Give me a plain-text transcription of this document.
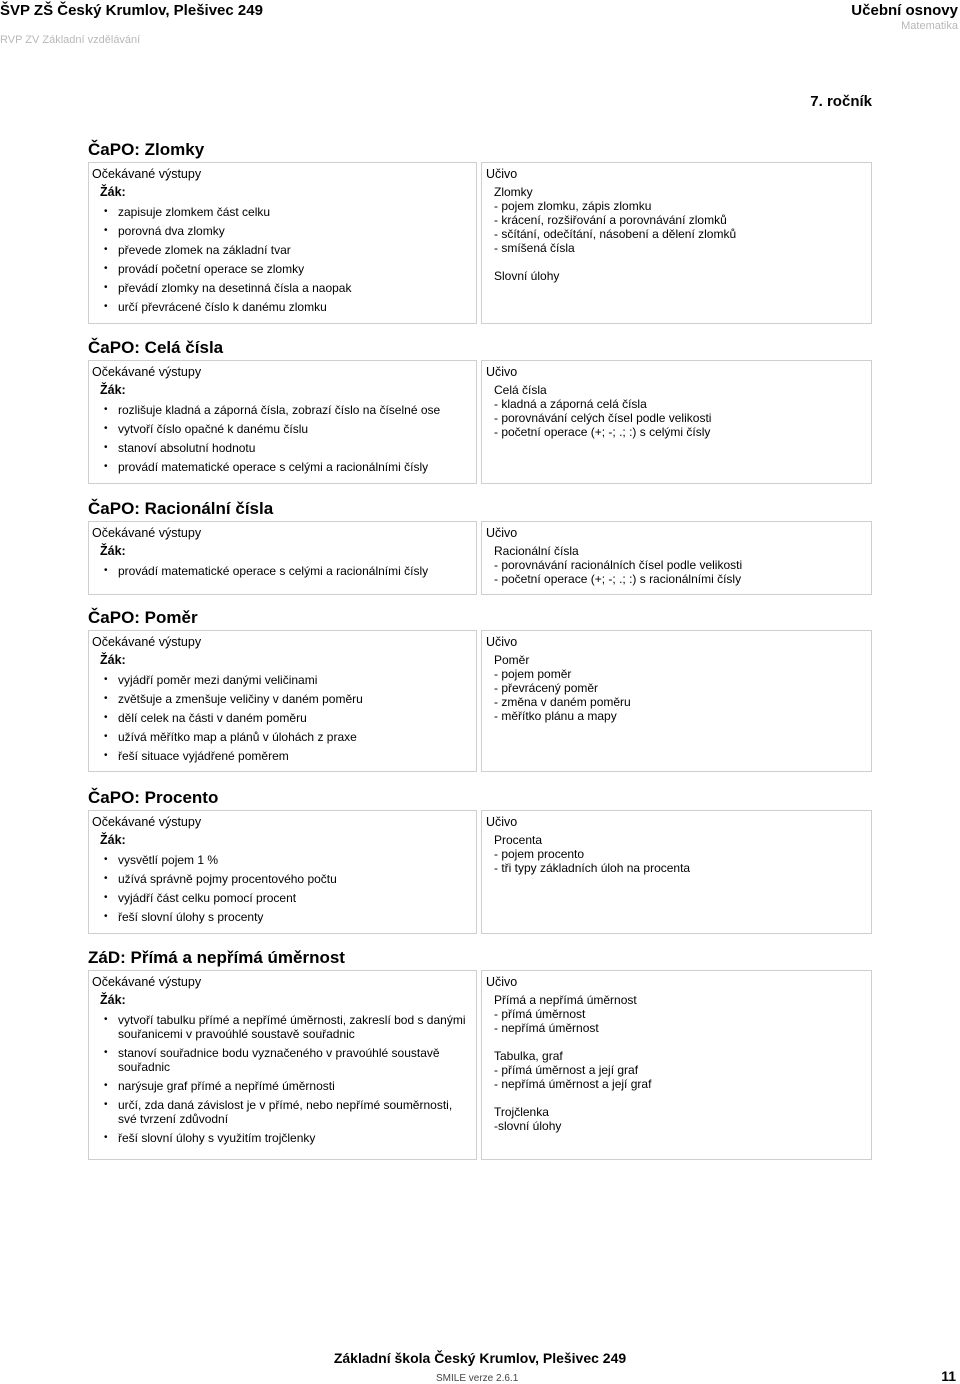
ŠVP ZŠ Český Krumlov, Plešivec 249
RVP ZV Základní vzdělávání
Učební osnovy
Matematika
7. ročník
ČaPO: Zlomky
Očekávané výstupy
Žák:
• zapisuje zlomkem část celku
• porovná dva zlomky
• převede zlomek na základní tvar
• provádí početní operace se zlomky
• převádí zlomky na desetinná čísla a naopak
• určí převrácené číslo k danému zlomku
Učivo
Zlomky
- pojem zlomku, zápis zlomku
- krácení, rozšiřování a porovnávání zlomků
- sčítání, odečítání, násobení a dělení zlomků
- smíšená čísla
Slovní úlohy
ČaPO: Celá čísla
Očekávané výstupy
Žák:
• rozlišuje kladná a záporná čísla, zobrazí číslo na číselné ose
• vytvoří číslo opačné k danému číslu
• stanoví absolutní hodnotu
• provádí matematické operace s celými a racionálními čísly
Učivo
Celá čísla
- kladná a záporná celá čísla
- porovnávání celých čísel podle velikosti
- početní operace (+; -; .; :) s celými čísly
ČaPO: Racionální čísla
Očekávané výstupy
Žák:
• provádí matematické operace s celými a racionálními čísly
Učivo
Racionální čísla
- porovnávání racionálních čísel podle velikosti
- početní operace (+; -; .; :) s racionálními čísly
ČaPO: Poměr
Očekávané výstupy
Žák:
• vyjádří poměr mezi danými veličinami
• zvětšuje a zmenšuje veličiny v daném poměru
• dělí celek na části v daném poměru
• užívá měřítko map a plánů v úlohách z praxe
• řeší situace vyjádřené poměrem
Učivo
Poměr
- pojem poměr
- převrácený poměr
- změna v daném poměru
- měřítko plánu a mapy
ČaPO: Procento
Očekávané výstupy
Žák:
• vysvětlí pojem 1 %
• užívá správně pojmy procentového počtu
• vyjádří část celku pomocí procent
• řeší slovní úlohy s procenty
Učivo
Procenta
- pojem procento
- tři typy základních úloh na procenta
ZáD: Přímá a nepřímá úměrnost
Očekávané výstupy
Žák:
• vytvoří tabulku přímé a nepřímé úměrnosti, zakreslí bod s danými souřanicemi v pravoúhlé soustavě souřadnic
• stanoví souřadnice bodu vyznačeného v pravoúhlé soustavě souřadnic
• narýsuje graf přímé a nepřímé úměrnosti
• určí, zda daná závislost je v přímé, nebo nepřímé souměrnosti, své tvrzení zdůvodní
• řeší slovní úlohy s využitím trojčlenky
Učivo
Přímá a nepřímá úměrnost
- přímá úměrnost
- nepřímá úměrnost
Tabulka, graf
- přímá úměrnost a její graf
- nepřímá úměrnost a její graf
Trojčlenka
-slovní úlohy
Základní škola Český Krumlov, Plešivec 249
SMILE verze 2.6.1	11
